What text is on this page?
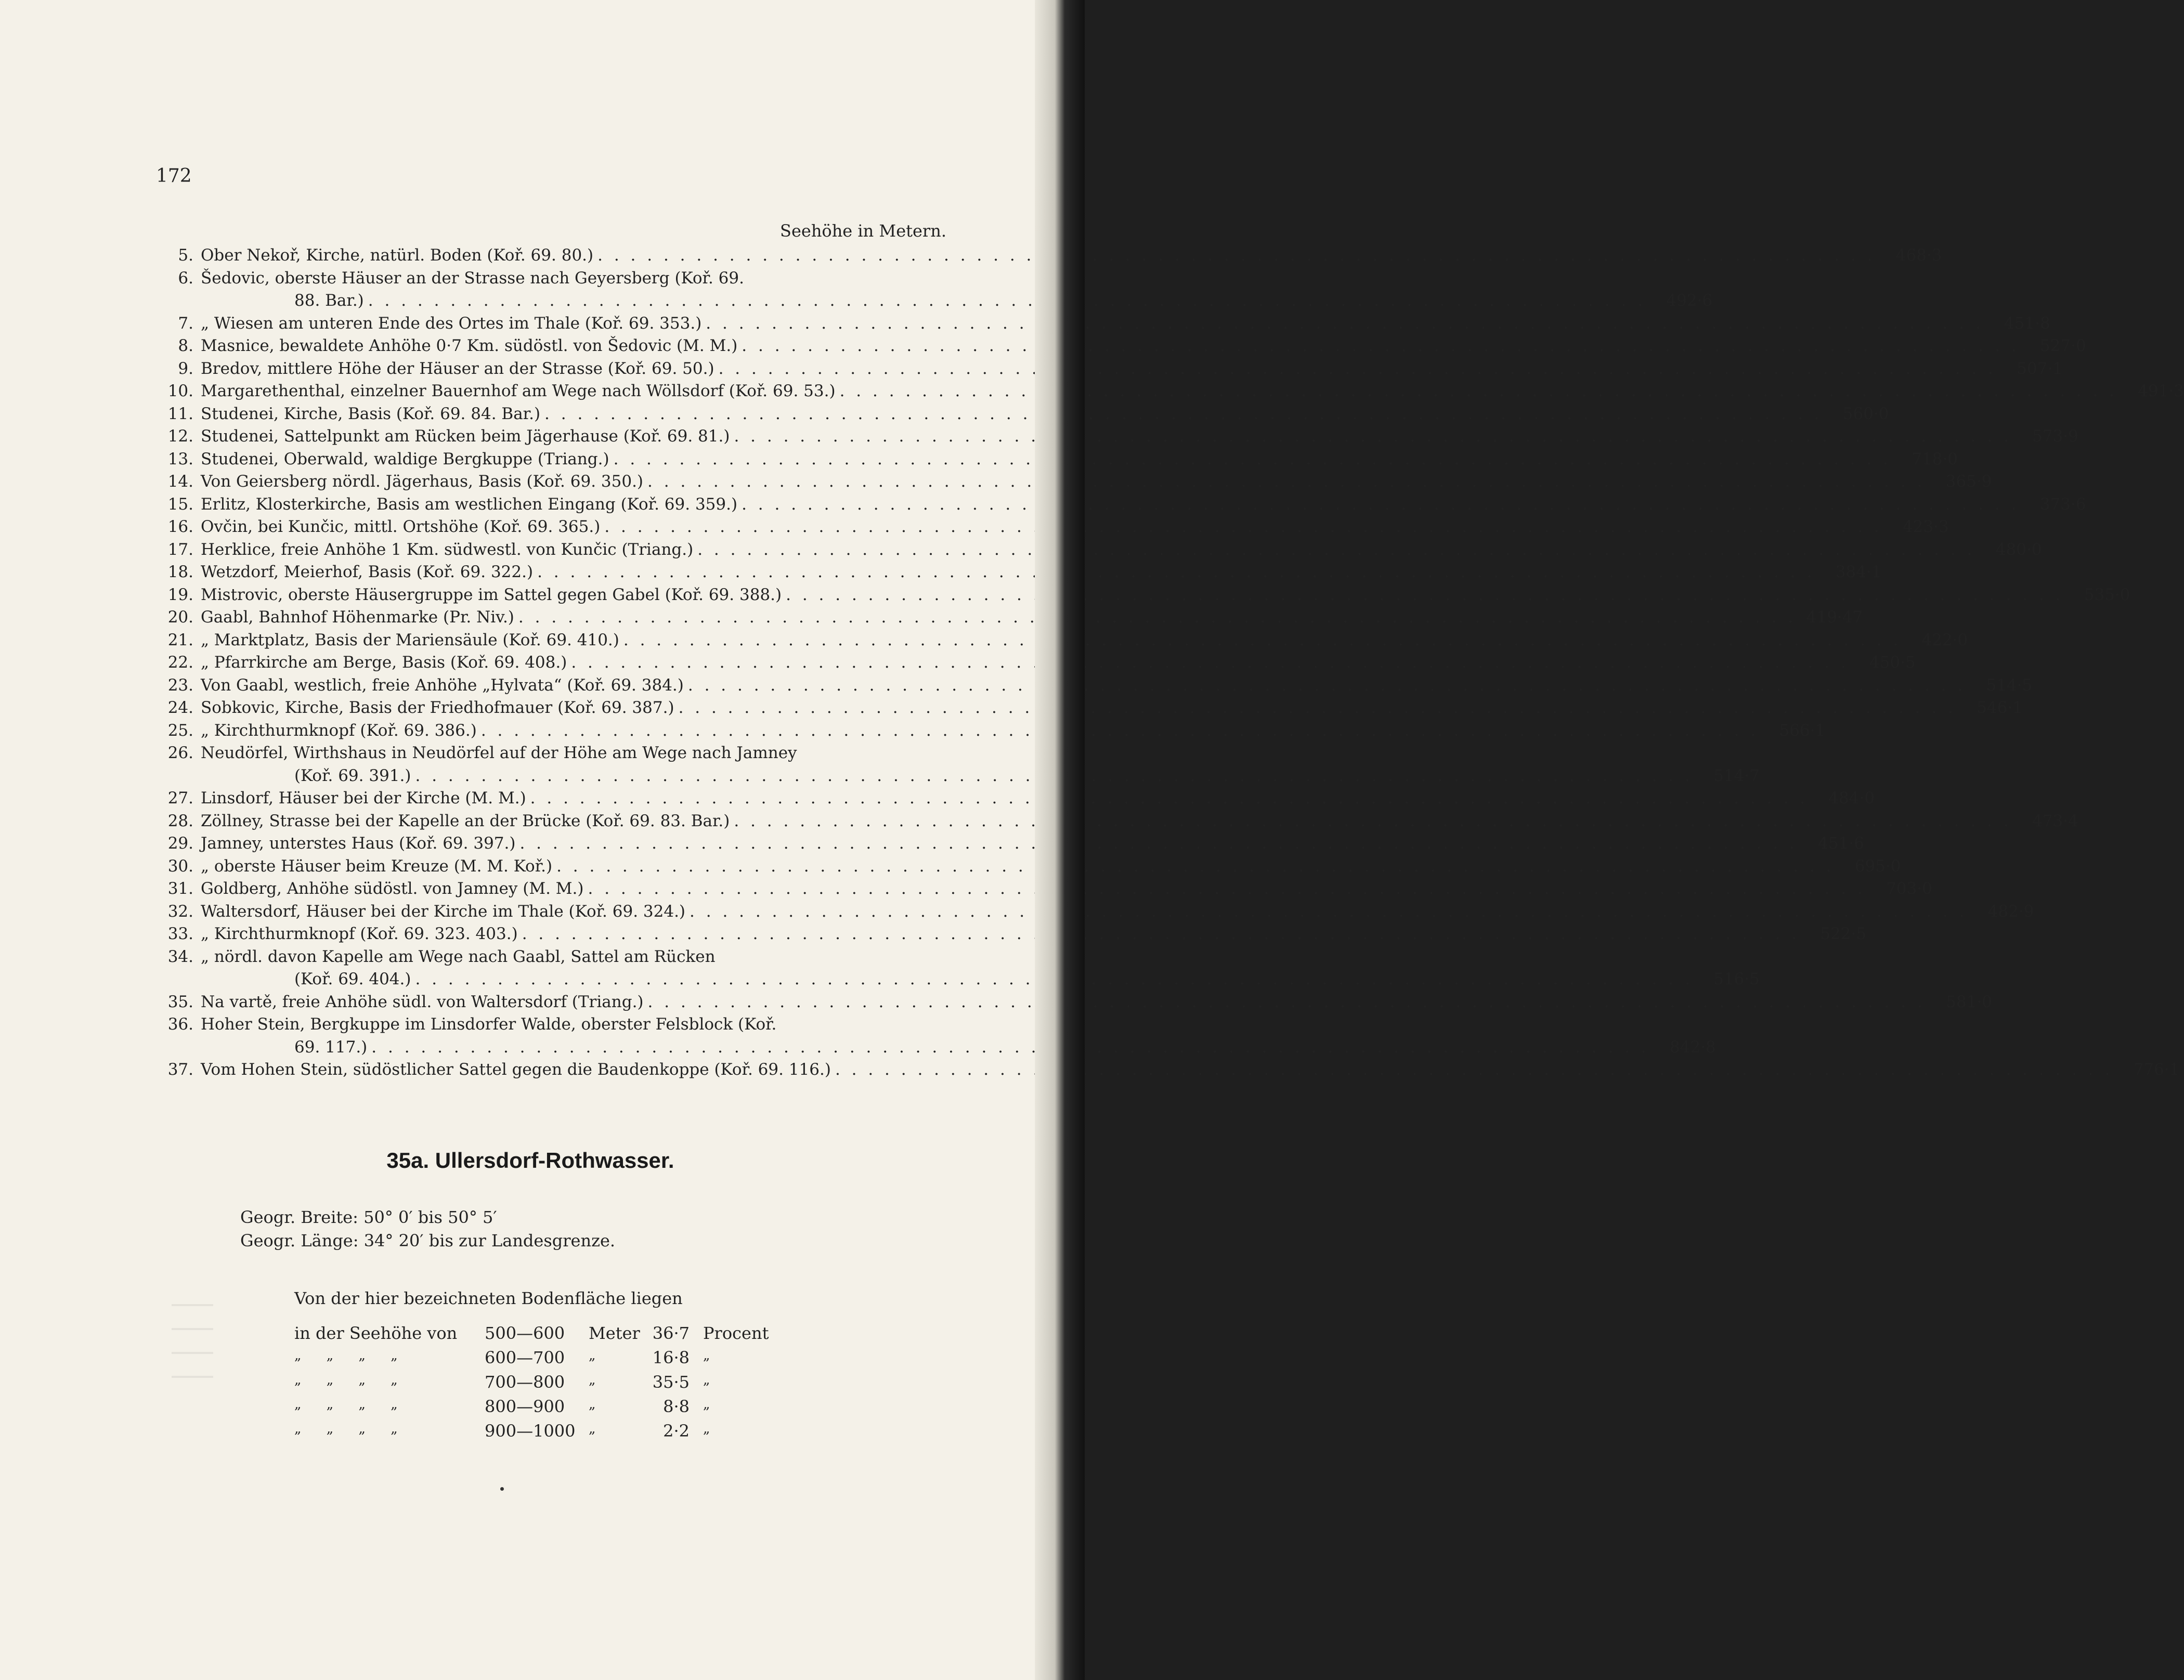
172
Seehöhe in Metern.
5. Ober Nekoř, Kirche, natürl. Boden (Koř. 69. 80.) . . .	468·3
6. Šedovic, oberste Häuser an der Strasse nach Geyersberg (Koř. 69.
88. Bar.) . . .	492·6
7. „ Wiesen am unteren Ende des Ortes im Thale (Koř. 69. 353.) . . .	451·8
8. Masnice, bewaldete Anhöhe 0·7 Km. südöstl. von Šedovic (M. M.) . . .	527·0
9. Bredov, mittlere Höhe der Häuser an der Strasse (Koř. 69. 50.) . . .	507·1
10. Margarethenthal, einzelner Bauernhof am Wege nach Wöllsdorf (Koř. 69. 53.) . . .	491·3
11. Studenei, Kirche, Basis (Koř. 69. 84. Bar.) . . .	560·0
12. Studenei, Sattelpunkt am Rücken beim Jägerhause (Koř. 69. 81.) . . .	573·9
13. Studenei, Oberwald, waldige Bergkuppe (Triang.) . . .	718·0
14. Von Geiersberg nördl. Jägerhaus, Basis (Koř. 69. 350.) . . .	365·9
15. Erlitz, Klosterkirche, Basis am westlichen Eingang (Koř. 69. 359.) . . .	373·6
16. Ovčin, bei Kunčic, mittl. Ortshöhe (Koř. 69. 365.) . . .	423·3
17. Herklice, freie Anhöhe 1 Km. südwestl. von Kunčic (Triang.) . . .	480·0
18. Wetzdorf, Meierhof, Basis (Koř. 69. 322.) . . .	384·1
19. Mistrovic, oberste Häusergruppe im Sattel gegen Gabel (Koř. 69. 388.) . . .	535·0
20. Gaabl, Bahnhof Höhenmarke (Pr. Niv.) . . .	419·47
21. „ Marktplatz, Basis der Mariensäule (Koř. 69. 410.) . . .	422·0
22. „ Pfarrkirche am Berge, Basis (Koř. 69. 408.) . . .	450·5
23. Von Gaabl, westlich, freie Anhöhe „Hylvata“ (Koř. 69. 384.) . . .	514·5
24. Sobkovic, Kirche, Basis der Friedhofmauer (Koř. 69. 387.) . . .	546·1
25. „ Kirchthurmknopf (Koř. 69. 386.) . . .	566·1
26. Neudörfel, Wirthshaus in Neudörfel auf der Höhe am Wege nach Jamney
(Koř. 69. 391.) . . .	514·7
27. Linsdorf, Häuser bei der Kirche (M. M.) . . .	484·0
28. Zöllney, Strasse bei der Kapelle an der Brücke (Koř. 69. 83. Bar.) . . .	473·4
29. Jamney, unterstes Haus (Koř. 69. 397.) . . .	451·6
30. „ oberste Häuser beim Kreuze (M. M. Koř.) . . .	695·0
31. Goldberg, Anhöhe südöstl. von Jamney (M. M.) . . .	703·0
32. Waltersdorf, Häuser bei der Kirche im Thale (Koř. 69. 324.) . . .	482·9
33. „ Kirchthurmknopf (Koř. 69. 323. 403.) . . .	522·5
34. „ nördl. davon Kapelle am Wege nach Gaabl, Sattel am Rücken
(Koř. 69. 404.) . . .	516·5
35. Na vartě, freie Anhöhe südl. von Waltersdorf (Triang.) . . .	581·0
36. Hoher Stein, Bergkuppe im Linsdorfer Walde, oberster Felsblock (Koř.
69. 117.) . . .	842·8
37. Vom Hohen Stein, südöstlicher Sattel gegen die Baudenkoppe (Koř. 69. 116.) . . .	776·1
35a. Ullersdorf-Rothwasser.
Geogr. Breite: 50° 0′ bis 50° 5′
Geogr. Länge: 34° 20′ bis zur Landesgrenze.
Von der hier bezeichneten Bodenfläche liegen
in der Seehöhe von 500—600 Meter 36·7 Procent
„ „ „ „	600—700 „	16·8 „
„ „ „ „	700—800 „	35·5 „
„ „ „ „	800—900 „	8·8 „
„ „ „ „	900—1000 „	2·2 „
